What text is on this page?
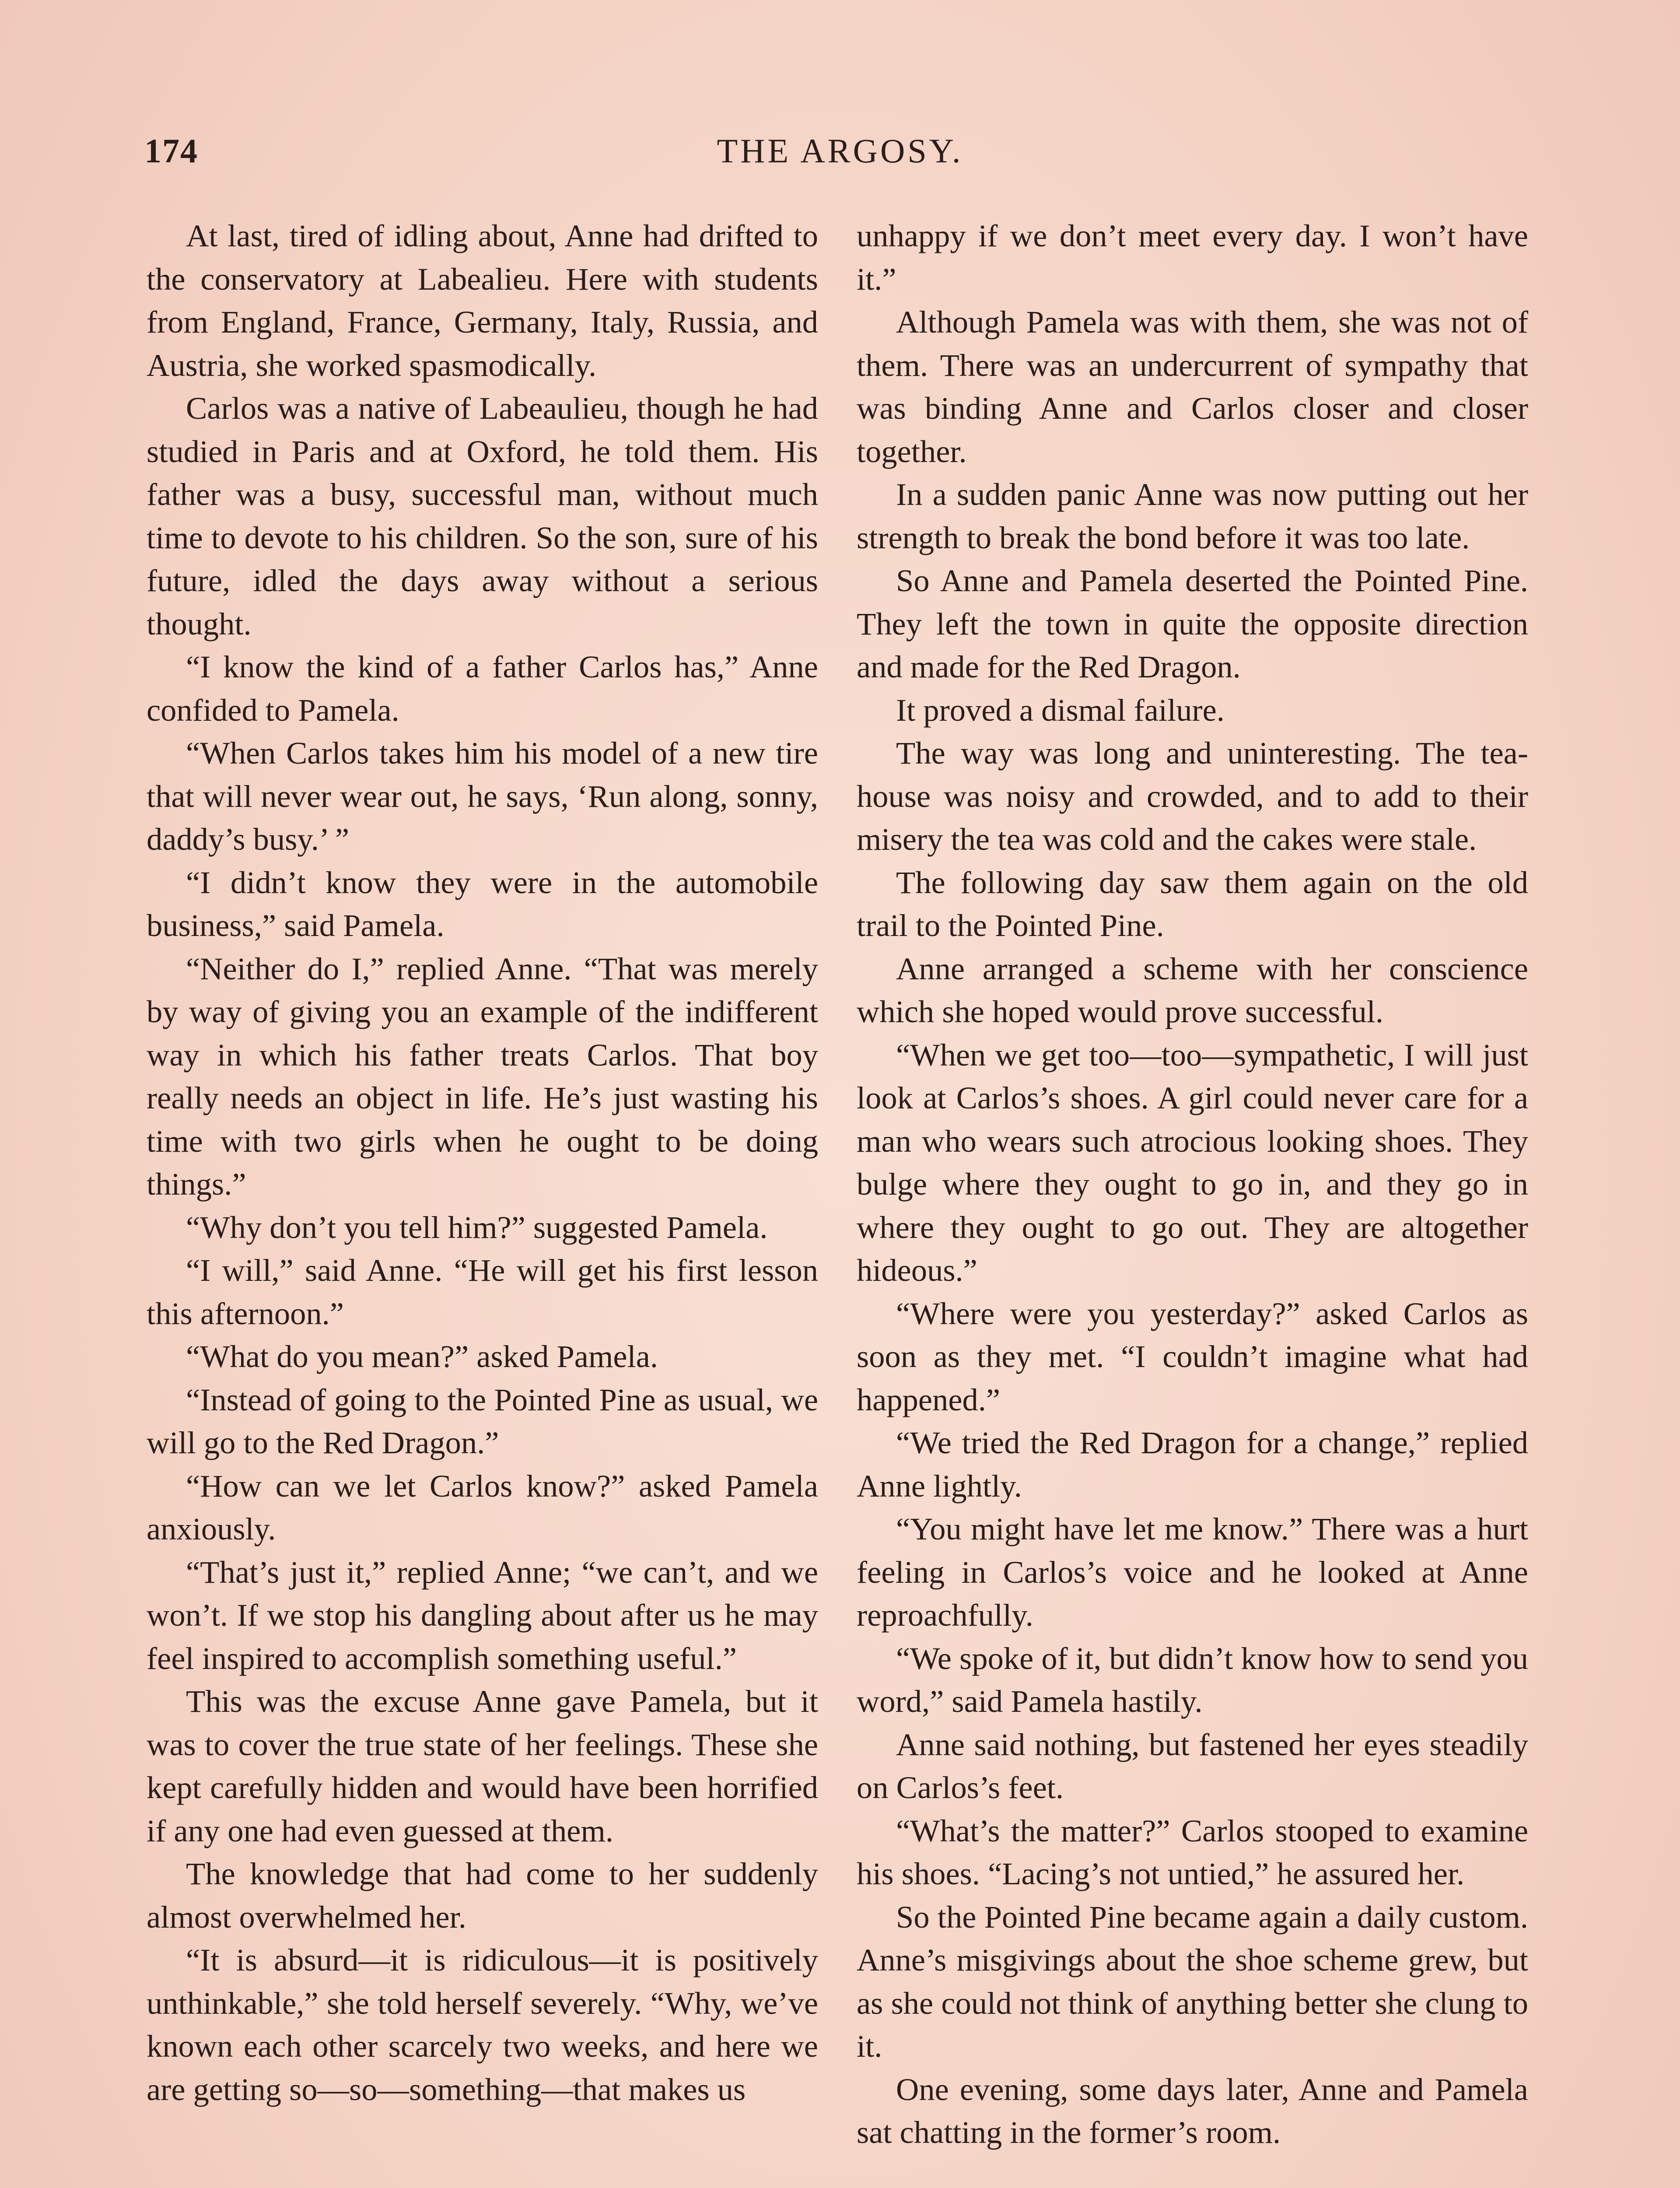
174	THE ARGOSY.

At last, tired of idling about, Anne had drifted to the conservatory at Labealieu. Here with students from England, France, Germany, Italy, Russia, and Austria, she worked spasmodically.

Carlos was a native of Labeaulieu, though he had studied in Paris and at Oxford, he told them. His father was a busy, successful man, without much time to devote to his children. So the son, sure of his future, idled the days away without a serious thought.

“I know the kind of a father Carlos has,” Anne confided to Pamela.

“When Carlos takes him his model of a new tire that will never wear out, he says, ‘Run along, sonny, daddy’s busy.’ ”

“I didn’t know they were in the automobile business,” said Pamela.

“Neither do I,” replied Anne. “That was merely by way of giving you an example of the indifferent way in which his father treats Carlos. That boy really needs an object in life. He’s just wasting his time with two girls when he ought to be doing things.”

“Why don’t you tell him?” suggested Pamela.

“I will,” said Anne. “He will get his first lesson this afternoon.”

“What do you mean?” asked Pamela.

“Instead of going to the Pointed Pine as usual, we will go to the Red Dragon.”

“How can we let Carlos know?” asked Pamela anxiously.

“That’s just it,” replied Anne; “we can’t, and we won’t. If we stop his dangling about after us he may feel inspired to accomplish something useful.”

This was the excuse Anne gave Pamela, but it was to cover the true state of her feelings. These she kept carefully hidden and would have been horrified if any one had even guessed at them.

The knowledge that had come to her suddenly almost overwhelmed her.

“It is absurd—it is ridiculous—it is positively unthinkable,” she told herself severely. “Why, we’ve known each other scarcely two weeks, and here we are getting so—so—something—that makes us

unhappy if we don’t meet every day. I won’t have it.”

Although Pamela was with them, she was not of them. There was an undercurrent of sympathy that was binding Anne and Carlos closer and closer together.

In a sudden panic Anne was now putting out her strength to break the bond before it was too late.

So Anne and Pamela deserted the Pointed Pine. They left the town in quite the opposite direction and made for the Red Dragon.

It proved a dismal failure.

The way was long and uninteresting. The tea-house was noisy and crowded, and to add to their misery the tea was cold and the cakes were stale.

The following day saw them again on the old trail to the Pointed Pine.

Anne arranged a scheme with her conscience which she hoped would prove successful.

“When we get too—too—sympathetic, I will just look at Carlos’s shoes. A girl could never care for a man who wears such atrocious looking shoes. They bulge where they ought to go in, and they go in where they ought to go out. They are altogether hideous.”

“Where were you yesterday?” asked Carlos as soon as they met. “I couldn’t imagine what had happened.”

“We tried the Red Dragon for a change,” replied Anne lightly.

“You might have let me know.” There was a hurt feeling in Carlos’s voice and he looked at Anne reproachfully.

“We spoke of it, but didn’t know how to send you word,” said Pamela hastily.

Anne said nothing, but fastened her eyes steadily on Carlos’s feet.

“What’s the matter?” Carlos stooped to examine his shoes. “Lacing’s not untied,” he assured her.

So the Pointed Pine became again a daily custom. Anne’s misgivings about the shoe scheme grew, but as she could not think of anything better she clung to it.

One evening, some days later, Anne and Pamela sat chatting in the former’s room.
